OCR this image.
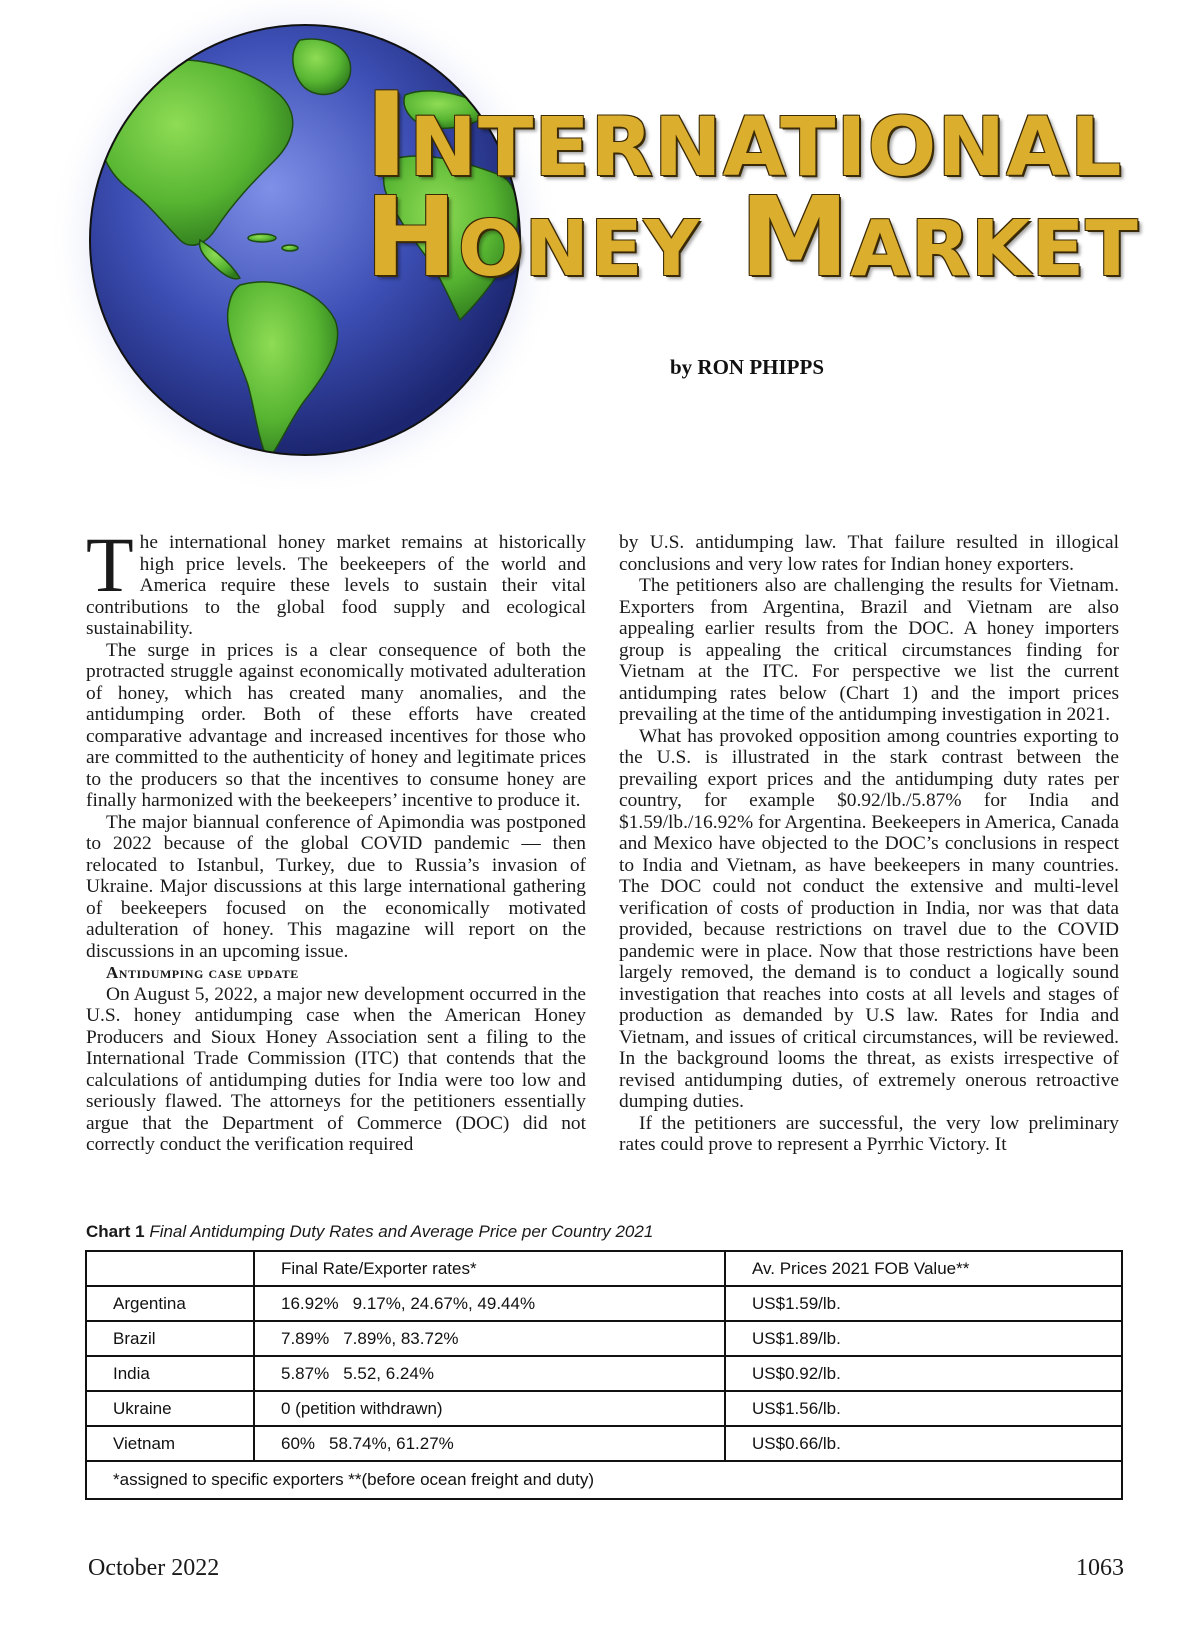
International
Honey Market
by RON PHIPPS

The international honey market remains at historically high price levels. The beekeepers of the world and America require these levels to sustain their vital contributions to the global food supply and ecological sustainability.

The surge in prices is a clear consequence of both the protracted struggle against economically motivated adulteration of honey, which has created many anomalies, and the antidumping order. Both of these efforts have created comparative advantage and increased incentives for those who are committed to the authenticity of honey and legitimate prices to the producers so that the incentives to consume honey are finally harmonized with the beekeepers’ incentive to produce it.

The major biannual conference of Apimondia was postponed to 2022 because of the global COVID pandemic — then relocated to Istanbul, Turkey, due to Russia’s invasion of Ukraine. Major discussions at this large international gathering of beekeepers focused on the economically motivated adulteration of honey. This magazine will report on the discussions in an upcoming issue.

Antidumping case update

On August 5, 2022, a major new development occurred in the U.S. honey antidumping case when the American Honey Producers and Sioux Honey Association sent a filing to the International Trade Commission (ITC) that contends that the calculations of antidumping duties for India were too low and seriously flawed. The attorneys for the petitioners essentially argue that the Department of Commerce (DOC) did not correctly conduct the verification required

by U.S. antidumping law. That failure resulted in illogical conclusions and very low rates for Indian honey exporters.

The petitioners also are challenging the results for Vietnam. Exporters from Argentina, Brazil and Vietnam are also appealing earlier results from the DOC. A honey importers group is appealing the critical circumstances finding for Vietnam at the ITC. For perspective we list the current antidumping rates below (Chart 1) and the import prices prevailing at the time of the antidumping investigation in 2021.

What has provoked opposition among countries exporting to the U.S. is illustrated in the stark contrast between the prevailing export prices and the antidumping duty rates per country, for example $0.92/lb./5.87% for India and $1.59/lb./16.92% for Argentina. Beekeepers in America, Canada and Mexico have objected to the DOC’s conclusions in respect to India and Vietnam, as have beekeepers in many countries. The DOC could not conduct the extensive and multi-level verification of costs of production in India, nor was that data provided, because restrictions on travel due to the COVID pandemic were in place. Now that those restrictions have been largely removed, the demand is to conduct a logically sound investigation that reaches into costs at all levels and stages of production as demanded by U.S law. Rates for India and Vietnam, and issues of critical circumstances, will be reviewed. In the background looms the threat, as exists irrespective of revised antidumping duties, of extremely onerous retroactive dumping duties.

If the petitioners are successful, the very low preliminary rates could prove to represent a Pyrrhic Victory. It

Chart 1 Final Antidumping Duty Rates and Average Price per Country 2021
	Final Rate/Exporter rates*	Av. Prices 2021 FOB Value**
Argentina	16.92% 9.17%, 24.67%, 49.44%	US$1.59/lb.
Brazil	7.89% 7.89%, 83.72%	US$1.89/lb.
India	5.87% 5.52, 6.24%	US$0.92/lb.
Ukraine	0 (petition withdrawn)	US$1.56/lb.
Vietnam	60% 58.74%, 61.27%	US$0.66/lb.
*assigned to specific exporters **(before ocean freight and duty)		
October 2022	1063
